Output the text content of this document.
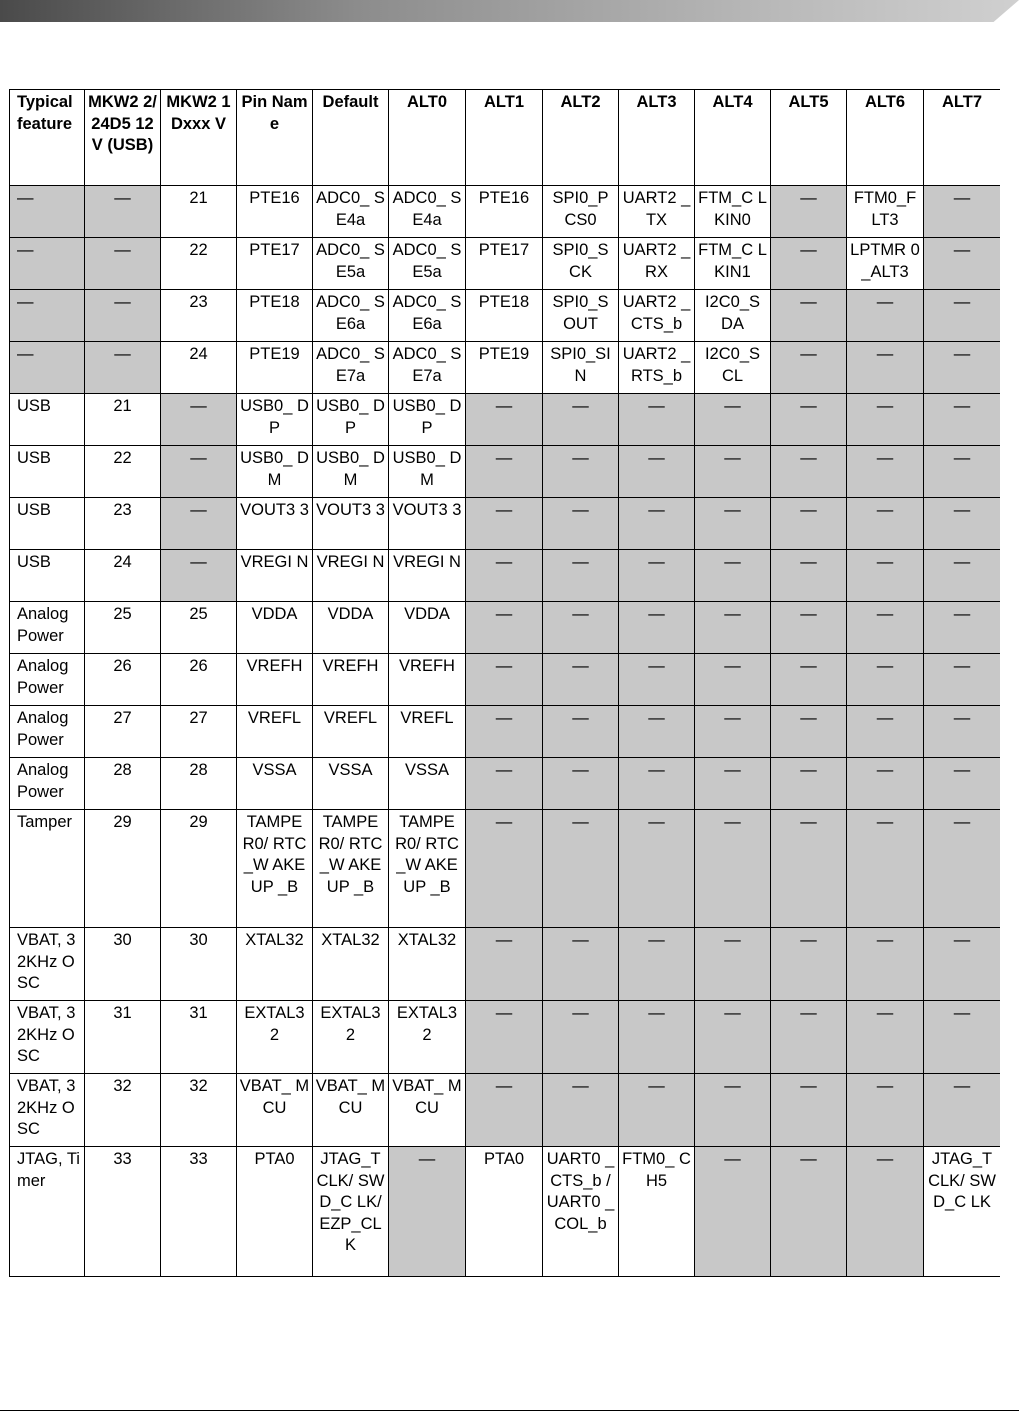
Typical feature	MKW2 2/24D5 12V (USB)	MKW2 1Dxxx V	Pin Name	Default	ALT0	ALT1	ALT2	ALT3	ALT4	ALT5	ALT6	ALT7
—	—	21	PTE16	ADC0_ SE4a	ADC0_ SE4a	PTE16	SPI0_P CS0	UART2 _TX	FTM_C LKIN0	—	FTM0_F LT3	—
—	—	22	PTE17	ADC0_ SE5a	ADC0_ SE5a	PTE17	SPI0_S CK	UART2 _RX	FTM_C LKIN1	—	LPTMR 0_ALT3	—
—	—	23	PTE18	ADC0_ SE6a	ADC0_ SE6a	PTE18	SPI0_S OUT	UART2 _CTS_b	I2C0_S DA	—	—	—
—	—	24	PTE19	ADC0_ SE7a	ADC0_ SE7a	PTE19	SPI0_SI N	UART2 _RTS_b	I2C0_S CL	—	—	—
USB	21	—	USB0_ DP	USB0_ DP	USB0_ DP	—	—	—	—	—	—	—
USB	22	—	USB0_ DM	USB0_ DM	USB0_ DM	—	—	—	—	—	—	—
USB	23	—	VOUT3 3	VOUT3 3	VOUT3 3	—	—	—	—	—	—	—
USB	24	—	VREGI N	VREGI N	VREGI N	—	—	—	—	—	—	—
Analog Power	25	25	VDDA	VDDA	VDDA	—	—	—	—	—	—	—
Analog Power	26	26	VREFH	VREFH	VREFH	—	—	—	—	—	—	—
Analog Power	27	27	VREFL	VREFL	VREFL	—	—	—	—	—	—	—
Analog Power	28	28	VSSA	VSSA	VSSA	—	—	—	—	—	—	—
Tamper	29	29	TAMPE R0/ RTC_W AKEUP _B	TAMPE R0/ RTC_W AKEUP _B	TAMPE R0/ RTC_W AKEUP _B	—	—	—	—	—	—	—
VBAT, 32KHz OSC	30	30	XTAL32	XTAL32	XTAL32	—	—	—	—	—	—	—
VBAT, 32KHz OSC	31	31	EXTAL3 2	EXTAL3 2	EXTAL3 2	—	—	—	—	—	—	—
VBAT, 32KHz OSC	32	32	VBAT_ MCU	VBAT_ MCU	VBAT_ MCU	—	—	—	—	—	—	—
JTAG, Timer	33	33	PTA0	JTAG_T CLK/ SWD_C LK/ EZP_CL K	—	PTA0	UART0 _CTS_b / UART0 _COL_b	FTM0_ CH5	—	—	—	JTAG_T CLK/ SWD_C LK
